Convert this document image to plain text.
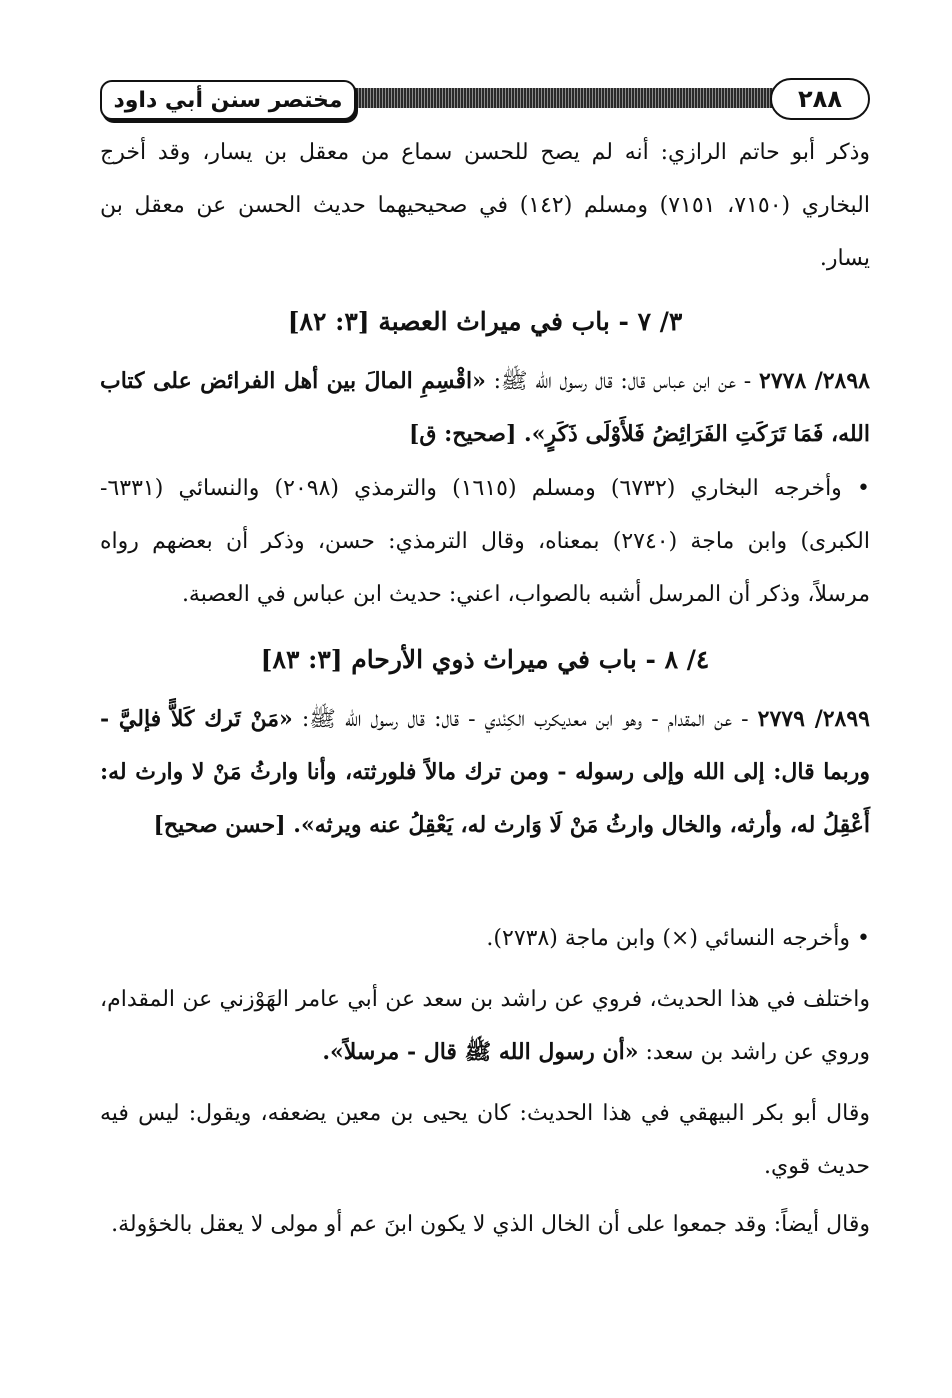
مختصر سنن أبي داود	٢٨٨
وذكر أبو حاتم الرازي: أنه لم يصح للحسن سماع من معقل بن يسار، وقد أخرج البخاري (٧١٥٠، ٧١٥١) ومسلم (١٤٢) في صحيحيهما حديث الحسن عن معقل بن يسار.
٣/ ٧ - باب في ميراث العصبة [٣: ٨٢]
٢٨٩٨/ ٢٧٧٨ - عن ابن عباس قال: قال رسول الله ﷺ: «اقْسِمِ المالَ بين أهل الفرائض على كتاب الله، فَمَا تَرَكَتِ الفَرَائِضُ فَلأَوْلَى ذَكَرٍ». [صحيح: ق]
• وأخرجه البخاري (٦٧٣٢) ومسلم (١٦١٥) والترمذي (٢٠٩٨) والنسائي (٦٣٣١- الكبرى) وابن ماجة (٢٧٤٠) بمعناه، وقال الترمذي: حسن، وذكر أن بعضهم رواه مرسلاً، وذكر أن المرسل أشبه بالصواب، اعني: حديث ابن عباس في العصبة.
٤/ ٨ - باب في ميراث ذوي الأرحام [٣: ٨٣]
٢٨٩٩/ ٢٧٧٩ - عن المقدام - وهو ابن معديكرب الكِنْدي - قال: قال رسول الله ﷺ: «مَنْ تَرك كَلاًّ فإليَّ - وربما قال: إلى الله وإلى رسوله - ومن ترك مالاً فلورثته، وأنا وارثُ مَنْ لا وارث له: أَعْقِلُ له، وأرثه، والخال وارثُ مَنْ لَا وَارث له، يَعْقِلُ عنه ويرثه». [حسن صحيح]
• وأخرجه النسائي (×) وابن ماجة (٢٧٣٨).
واختلف في هذا الحديث، فروي عن راشد بن سعد عن أبي عامر الهَوْزني عن المقدام، وروي عن راشد بن سعد: «أن رسول الله ﷺ قال - مرسلاً».
وقال أبو بكر البيهقي في هذا الحديث: كان يحيى بن معين يضعفه، ويقول: ليس فيه حديث قوي.
وقال أيضاً: وقد جمعوا على أن الخال الذي لا يكون ابنَ عم أو مولى لا يعقل بالخؤولة.
